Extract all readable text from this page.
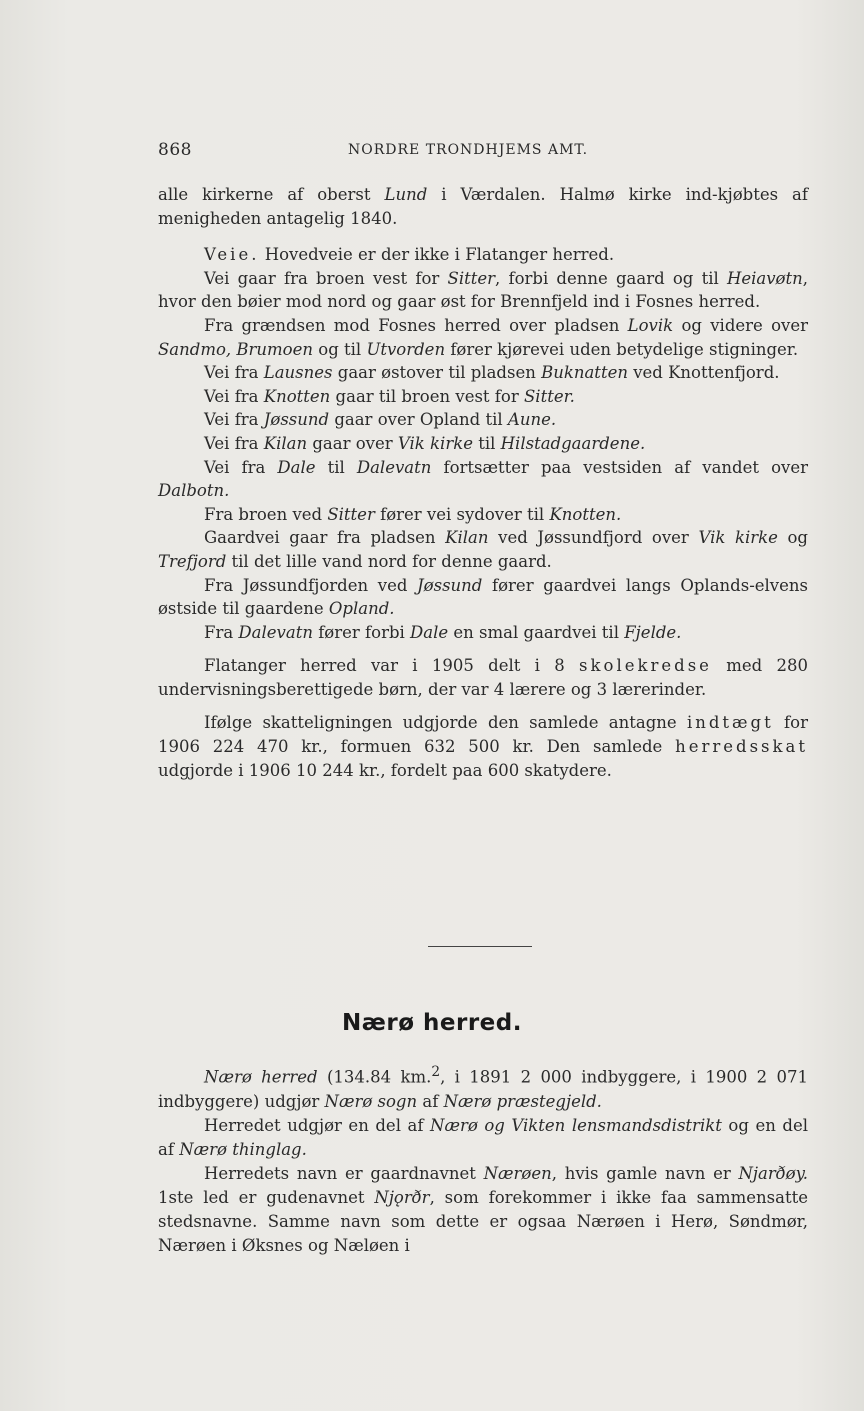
868	NORDRE TRONDHJEMS AMT.

alle kirkerne af oberst Lund i Værdalen. Halmø kirke ind-kjøbtes af menigheden antagelig 1840.

Veie. Hovedveie er der ikke i Flatanger herred.

Vei gaar fra broen vest for Sitter, forbi denne gaard og til Heiavøtn, hvor den bøier mod nord og gaar øst for Brennfjeld ind i Fosnes herred.

Fra grændsen mod Fosnes herred over pladsen Lovik og videre over Sandmo, Brumoen og til Utvorden fører kjørevei uden betydelige stigninger.

Vei fra Lausnes gaar østover til pladsen Buknatten ved Knottenfjord.

Vei fra Knotten gaar til broen vest for Sitter.

Vei fra Jøssund gaar over Opland til Aune.

Vei fra Kilan gaar over Vik kirke til Hilstadgaardene.

Vei fra Dale til Dalevatn fortsætter paa vestsiden af vandet over Dalbotn.

Fra broen ved Sitter fører vei sydover til Knotten.

Gaardvei gaar fra pladsen Kilan ved Jøssundfjord over Vik kirke og Trefjord til det lille vand nord for denne gaard.

Fra Jøssundfjorden ved Jøssund fører gaardvei langs Oplands-elvens østside til gaardene Opland.

Fra Dalevatn fører forbi Dale en smal gaardvei til Fjelde.

Flatanger herred var i 1905 delt i 8 skolekredse med 280 undervisningsberettigede børn, der var 4 lærere og 3 lærerinder.

Ifølge skatteligningen udgjorde den samlede antagne indtægt for 1906 224 470 kr., formuen 632 500 kr. Den samlede herredsskat udgjorde i 1906 10 244 kr., fordelt paa 600 skatydere.

Nærø herred.

Nærø herred (134.84 km.$^2$, i 1891 2 000 indbyggere, i 1900 2 071 indbyggere) udgjør Nærø sogn af Nærø præstegjeld.

Herredet udgjør en del af Nærø og Vikten lensmandsdistrikt og en del af Nærø thinglag.

Herredets navn er gaardnavnet Nærøen, hvis gamle navn er Njarðøy. 1ste led er gudenavnet Njǫrðr, som forekommer i ikke faa sammensatte stedsnavne. Samme navn som dette er ogsaa Nærøen i Herø, Søndmør, Nærøen i Øksnes og Næløen i
